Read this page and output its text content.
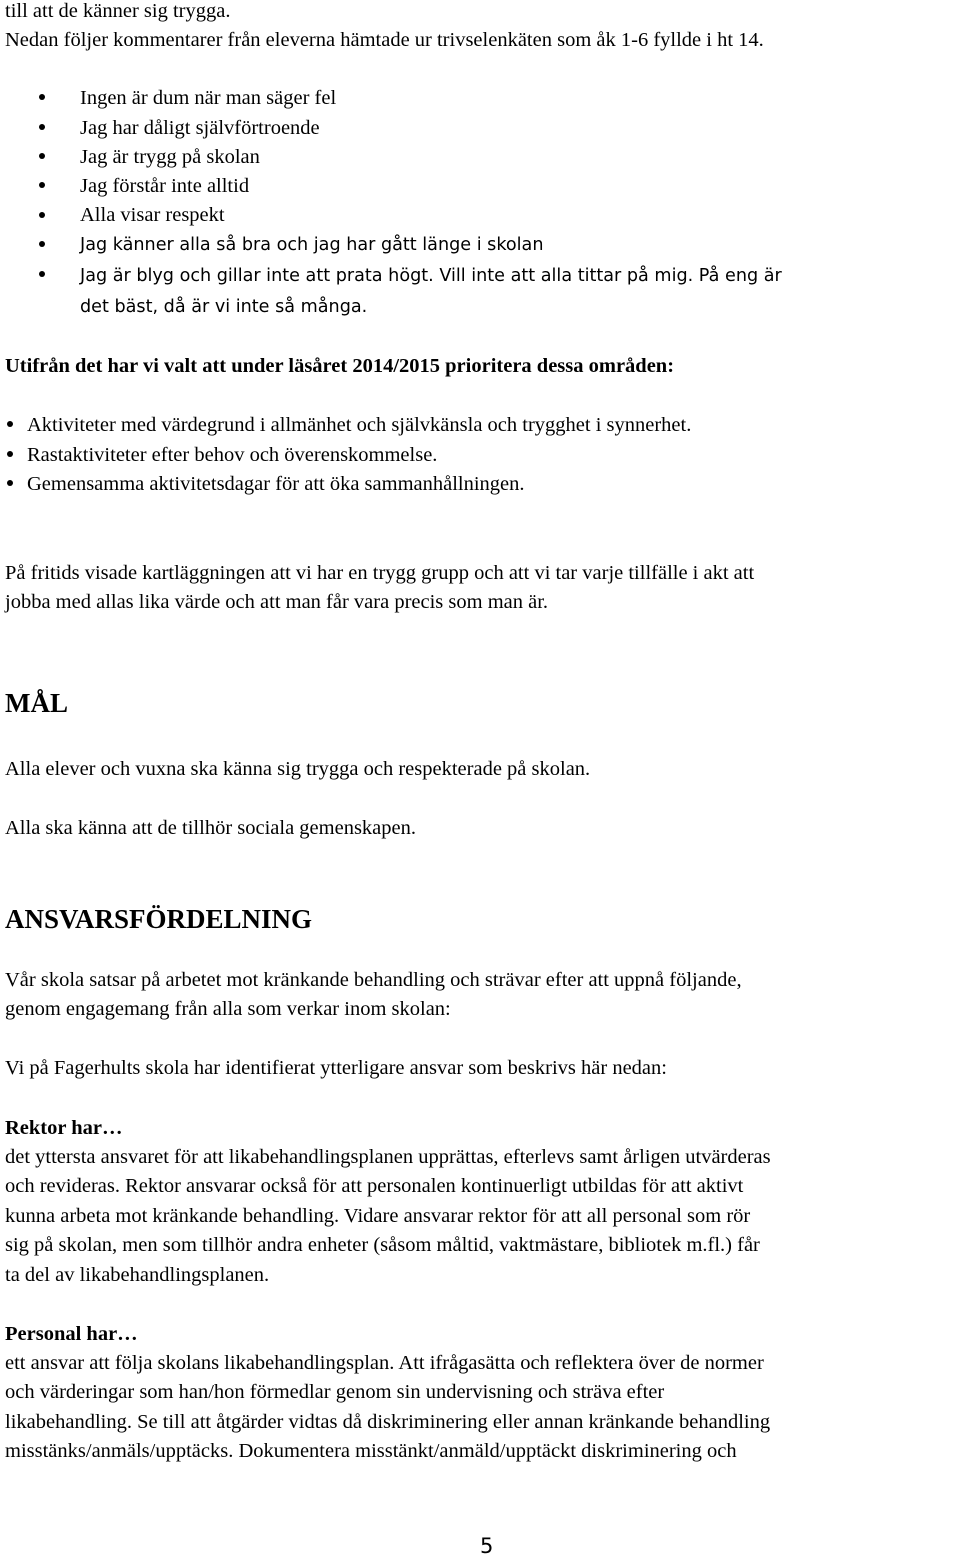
till att de känner sig trygga.
Nedan följer kommentarer från eleverna hämtade ur trivselenkäten som åk 1-6 fyllde i ht 14.
Ingen är dum när man säger fel
Jag har dåligt självförtroende
Jag är trygg på skolan
Jag förstår inte alltid
Alla visar respekt
Jag känner alla så bra och jag har gått länge i skolan
Jag är blyg och gillar inte att prata högt. Vill inte att alla tittar på mig. På eng är
det bäst, då är vi inte så många.
Utifrån det har vi valt att under läsåret 2014/2015 prioritera dessa områden:
Aktiviteter med värdegrund i allmänhet och självkänsla och trygghet i synnerhet.
Rastaktiviteter efter behov och överenskommelse.
Gemensamma aktivitetsdagar för att öka sammanhållningen.
På fritids visade kartläggningen att vi har en trygg grupp och att vi tar varje tillfälle i akt att
jobba med allas lika värde och att man får vara precis som man är.
MÅL
Alla elever och vuxna ska känna sig trygga och respekterade på skolan.
Alla ska känna att de tillhör sociala gemenskapen.
ANSVARSFÖRDELNING
Vår skola satsar på arbetet mot kränkande behandling och strävar efter att uppnå följande,
genom engagemang från alla som verkar inom skolan:
Vi på Fagerhults skola har identifierat ytterligare ansvar som beskrivs här nedan:
Rektor har…
det yttersta ansvaret för att likabehandlingsplanen upprättas, efterlevs samt årligen utvärderas
och revideras. Rektor ansvarar också för att personalen kontinuerligt utbildas för att aktivt
kunna arbeta mot kränkande behandling. Vidare ansvarar rektor för att all personal som rör
sig på skolan, men som tillhör andra enheter (såsom måltid, vaktmästare, bibliotek m.fl.) får
ta del av likabehandlingsplanen.
Personal har…
ett ansvar att följa skolans likabehandlingsplan. Att ifrågasätta och reflektera över de normer
och värderingar som han/hon förmedlar genom sin undervisning och sträva efter
likabehandling. Se till att åtgärder vidtas då diskriminering eller annan kränkande behandling
misstänks/anmäls/upptäcks. Dokumentera misstänkt/anmäld/upptäckt diskriminering och
5
